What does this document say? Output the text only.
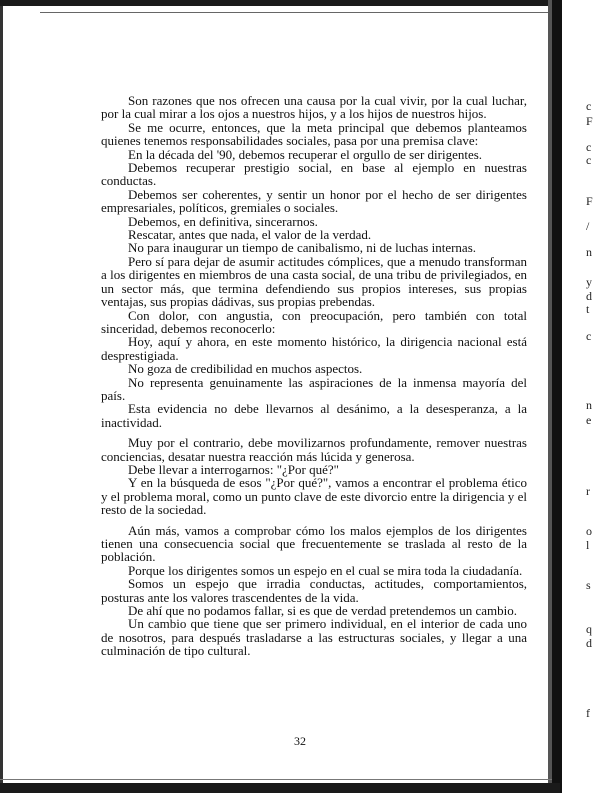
Son razones que nos ofrecen una causa por la cual vivir, por la cual luchar, por la cual mirar a los ojos a nuestros hijos, y a los hijos de nuestros hijos.

Se me ocurre, entonces, que la meta principal que debemos planteamos quienes tenemos responsabilidades sociales, pasa por una premisa clave:

En la década del '90, debemos recuperar el orgullo de ser dirigentes.

Debemos recuperar prestigio social, en base al ejemplo en nuestras conductas.

Debemos ser coherentes, y sentir un honor por el hecho de ser dirigentes empresariales, políticos, gremiales o sociales.

Debemos, en definitiva, sincerarnos.

Rescatar, antes que nada, el valor de la verdad.

No para inaugurar un tiempo de canibalismo, ni de luchas internas.

Pero sí para dejar de asumir actitudes cómplices, que a menudo transforman a los dirigentes en miembros de una casta social, de una tribu de privilegiados, en un sector más, que termina defendiendo sus propios intereses, sus propias ventajas, sus propias dádivas, sus propias prebendas.

Con dolor, con angustia, con preocupación, pero también con total sinceridad, debemos reconocerlo:

Hoy, aquí y ahora, en este momento histórico, la dirigencia nacional está desprestigiada.

No goza de credibilidad en muchos aspectos.

No representa genuinamente las aspiraciones de la inmensa mayoría del país.

Esta evidencia no debe llevarnos al desánimo, a la desesperanza, a la inactividad.

Muy por el contrario, debe movilizarnos profundamente, remover nuestras conciencias, desatar nuestra reacción más lúcida y generosa.

Debe llevar a interrogarnos: "¿Por qué?"

Y en la búsqueda de esos "¿Por qué?", vamos a encontrar el problema ético y el problema moral, como un punto clave de este divorcio entre la dirigencia y el resto de la sociedad.

Aún más, vamos a comprobar cómo los malos ejemplos de los dirigentes tienen una consecuencia social que frecuentemente se traslada al resto de la población.

Porque los dirigentes somos un espejo en el cual se mira toda la ciudadanía.

Somos un espejo que irradia conductas, actitudes, comportamientos, posturas ante los valores trascendentes de la vida.

De ahí que no podamos fallar, si es que de verdad pretendemos un cambio.

Un cambio que tiene que ser primero individual, en el interior de cada uno de nosotros, para después trasladarse a las estructuras sociales, y llegar a una culminación de tipo cultural.

32
c
F
c
c
F
/
n
y
d
t
c
n
e
r
o
l
s
q
d
f
